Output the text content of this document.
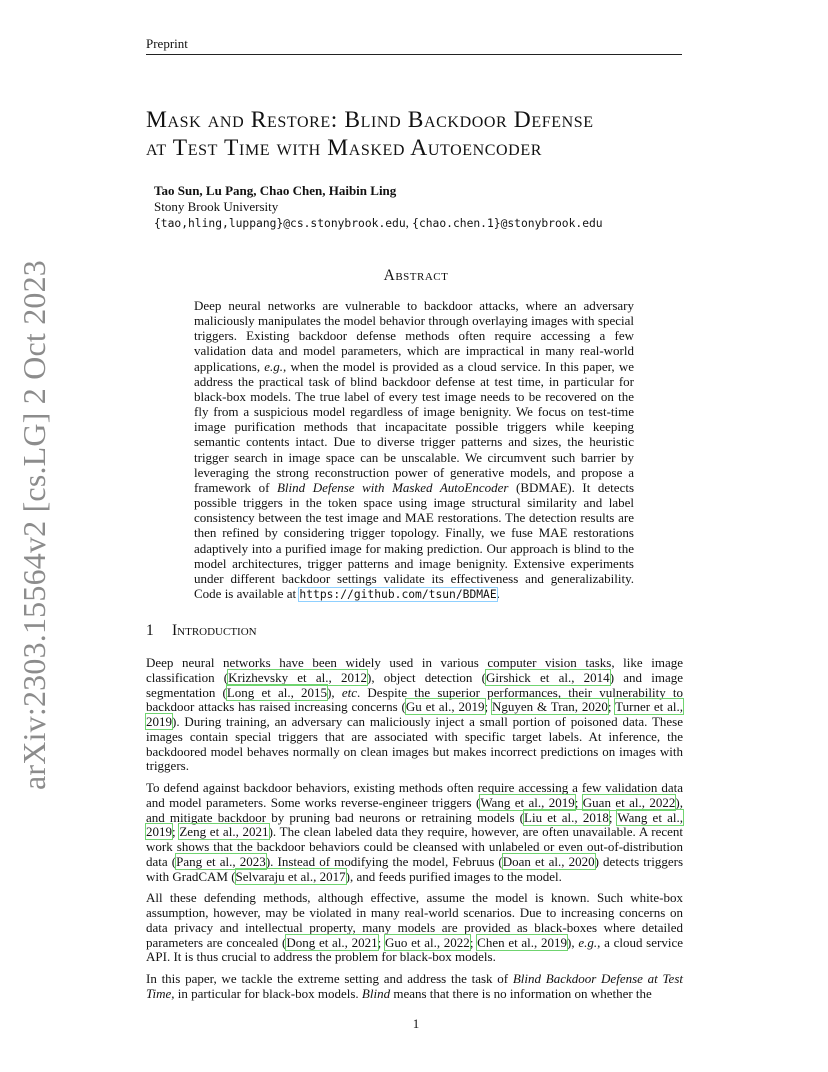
arXiv:2303.15564v2 [cs.LG] 2 Oct 2023
Preprint
Mask and Restore: Blind Backdoor Defense
at Test Time with Masked Autoencoder
Tao Sun, Lu Pang, Chao Chen, Haibin Ling
Stony Brook University
{tao,hling,luppang}@cs.stonybrook.edu, {chao.chen.1}@stonybrook.edu
Abstract

Deep neural networks are vulnerable to backdoor attacks, where an adversary maliciously manipulates the model behavior through overlaying images with special triggers. Existing backdoor defense methods often require accessing a few validation data and model parameters, which are impractical in many real-world applications, e.g., when the model is provided as a cloud service. In this paper, we address the practical task of blind backdoor defense at test time, in particular for black-box models. The true label of every test image needs to be recovered on the fly from a suspicious model regardless of image benignity. We focus on test-time image purification methods that incapacitate possible triggers while keeping semantic contents intact. Due to diverse trigger patterns and sizes, the heuristic trigger search in image space can be unscalable. We circumvent such barrier by leveraging the strong reconstruction power of generative models, and propose a framework of Blind Defense with Masked AutoEncoder (BDMAE). It detects possible triggers in the token space using image structural similarity and label consistency between the test image and MAE restorations. The detection results are then refined by considering trigger topology. Finally, we fuse MAE restorations adaptively into a purified image for making prediction. Our approach is blind to the model architectures, trigger patterns and image benignity. Extensive experiments under different backdoor settings validate its effectiveness and generalizability. Code is available at https://github.com/tsun/BDMAE.

1 Introduction

Deep neural networks have been widely used in various computer vision tasks, like image classification (Krizhevsky et al., 2012), object detection (Girshick et al., 2014) and image segmentation (Long et al., 2015), etc. Despite the superior performances, their vulnerability to backdoor attacks has raised increasing concerns (Gu et al., 2019; Nguyen & Tran, 2020; Turner et al., 2019). During training, an adversary can maliciously inject a small portion of poisoned data. These images contain special triggers that are associated with specific target labels. At inference, the backdoored model behaves normally on clean images but makes incorrect predictions on images with triggers.

To defend against backdoor behaviors, existing methods often require accessing a few validation data and model parameters. Some works reverse-engineer triggers (Wang et al., 2019; Guan et al., 2022), and mitigate backdoor by pruning bad neurons or retraining models (Liu et al., 2018; Wang et al., 2019; Zeng et al., 2021). The clean labeled data they require, however, are often unavailable. A recent work shows that the backdoor behaviors could be cleansed with unlabeled or even out-of-distribution data (Pang et al., 2023). Instead of modifying the model, Februus (Doan et al., 2020) detects triggers with GradCAM (Selvaraju et al., 2017), and feeds purified images to the model.

All these defending methods, although effective, assume the model is known. Such white-box assumption, however, may be violated in many real-world scenarios. Due to increasing concerns on data privacy and intellectual property, many models are provided as black-boxes where detailed parameters are concealed (Dong et al., 2021; Guo et al., 2022; Chen et al., 2019), e.g., a cloud service API. It is thus crucial to address the problem for black-box models.

In this paper, we tackle the extreme setting and address the task of Blind Backdoor Defense at Test Time, in particular for black-box models. Blind means that there is no information on whether the

1
